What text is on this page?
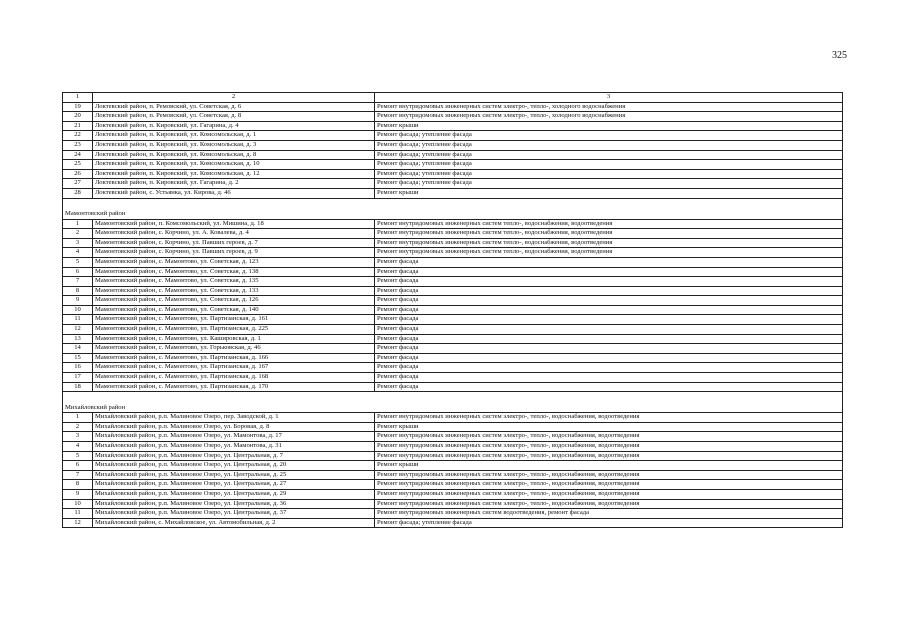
325
1	2	3
19	Локтевский район, п. Ремовский, ул. Советская, д. 6	Ремонт внутридомовых инженерных систем электро-, тепло-, холодного водоснабжения
20	Локтевский район, п. Ремовский, ул. Советская, д. 8	Ремонт внутридомовых инженерных систем электро-, тепло-, холодного водоснабжения
21	Локтевский район, п. Кировский, ул. Гагарина, д. 4	Ремонт крыши
22	Локтевский район, п. Кировский, ул. Комсомольская, д. 1	Ремонт фасада; утепление фасада
23	Локтевский район, п. Кировский, ул. Комсомольская, д. 3	Ремонт фасада; утепление фасада
24	Локтевский район, п. Кировский, ул. Комсомольская, д. 8	Ремонт фасада; утепление фасада
25	Локтевский район, п. Кировский, ул. Комсомольская, д. 10	Ремонт фасада; утепление фасада
26	Локтевский район, п. Кировский, ул. Комсомольская, д. 12	Ремонт фасада; утепление фасада
27	Локтевский район, п. Кировский, ул. Гагарина, д. 2	Ремонт фасада; утепление фасада
28	Локтевский район, с. Устьянка, ул. Кирова, д. 46	Ремонт крыши
Мамонтовский район		
1	Мамонтовский район, п. Комсомольский, ул. Мишина, д. 18	Ремонт внутридомовых инженерных систем тепло-, водоснабжения, водоотведения
2	Мамонтовский район, с. Корчино, ул. А. Ковалева, д. 4	Ремонт внутридомовых инженерных систем тепло-, водоснабжения, водоотведения
3	Мамонтовский район, с. Корчино, ул. Павших героев, д. 7	Ремонт внутридомовых инженерных систем тепло-, водоснабжения, водоотведения
4	Мамонтовский район, с. Корчино, ул. Павших героев, д. 9	Ремонт внутридомовых инженерных систем тепло-, водоснабжения, водоотведения
5	Мамонтовский район, с. Мамонтово, ул. Советская, д. 123	Ремонт фасада
6	Мамонтовский район, с. Мамонтово, ул. Советская, д. 138	Ремонт фасада
7	Мамонтовский район, с. Мамонтово, ул. Советская, д. 135	Ремонт фасада
8	Мамонтовский район, с. Мамонтово, ул. Советская, д. 133	Ремонт фасада
9	Мамонтовский район, с. Мамонтово, ул. Советская, д. 126	Ремонт фасада
10	Мамонтовский район, с. Мамонтово, ул. Советская, д. 140	Ремонт фасада
11	Мамонтовский район, с. Мамонтово, ул. Партизанская, д. 161	Ремонт фасада
12	Мамонтовский район, с. Мамонтово, ул. Партизанская, д. 225	Ремонт фасада
13	Мамонтовский район, с. Мамонтово, ул. Кашировская, д. 1	Ремонт фасада
14	Мамонтовский район, с. Мамонтово, ул. Горьковская, д. 46	Ремонт фасада
15	Мамонтовский район, с. Мамонтово, ул. Партизанская, д. 166	Ремонт фасада
16	Мамонтовский район, с. Мамонтово, ул. Партизанская, д. 167	Ремонт фасада
17	Мамонтовский район, с. Мамонтово, ул. Партизанская, д. 168	Ремонт фасада
18	Мамонтовский район, с. Мамонтово, ул. Партизанская, д. 170	Ремонт фасада
Михайловский район		
1	Михайловский район, р.п. Малиновое Озеро, пер. Заводской, д. 1	Ремонт внутридомовых инженерных систем электро-, тепло-, водоснабжения, водоотведения
2	Михайловский район, р.п. Малиновое Озеро, ул. Боровая, д. 8	Ремонт крыши
3	Михайловский район, р.п. Малиновое Озеро, ул. Мамонтова, д. 17	Ремонт внутридомовых инженерных систем электро-, тепло-, водоснабжения, водоотведения
4	Михайловский район, р.п. Малиновое Озеро, ул. Мамонтова, д. 31	Ремонт внутридомовых инженерных систем электро-, тепло-, водоснабжения, водоотведения
5	Михайловский район, р.п. Малиновое Озеро, ул. Центральная, д. 7	Ремонт внутридомовых инженерных систем электро-, тепло-, водоснабжения, водоотведения
6	Михайловский район, р.п. Малиновое Озеро, ул. Центральная, д. 20	Ремонт крыши
7	Михайловский район, р.п. Малиновое Озеро, ул. Центральная, д. 25	Ремонт внутридомовых инженерных систем электро-, тепло-, водоснабжения, водоотведения
8	Михайловский район, р.п. Малиновое Озеро, ул. Центральная, д. 27	Ремонт внутридомовых инженерных систем электро-, тепло-, водоснабжения, водоотведения
9	Михайловский район, р.п. Малиновое Озеро, ул. Центральная, д. 29	Ремонт внутридомовых инженерных систем электро-, тепло-, водоснабжения, водоотведения
10	Михайловский район, р.п. Малиновое Озеро, ул. Центральная, д. 36	Ремонт внутридомовых инженерных систем электро-, тепло-, водоснабжения, водоотведения
11	Михайловский район, р.п. Малиновое Озеро, ул. Центральная, д. 37	Ремонт внутридомовых инженерных систем водоотведения, ремонт фасада
12	Михайловский район, с. Михайловское, ул. Автомобильная, д. 2	Ремонт фасада; утепление фасада
